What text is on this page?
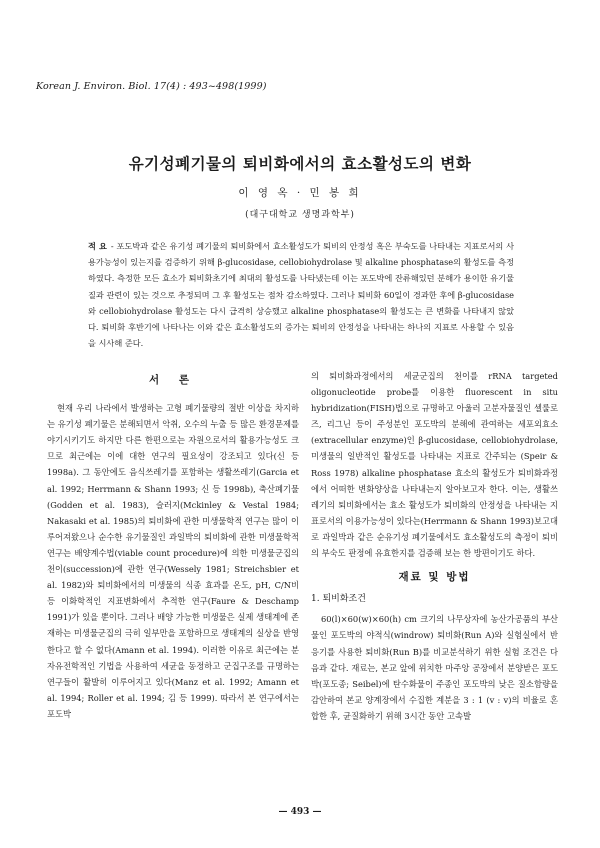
Korean J. Environ. Biol. 17(4) : 493~498(1999)
유기성폐기물의 퇴비화에서의 효소활성도의 변화
이 영 옥 · 민 봉 희
(대구대학교 생명과학부)
적 요 - 포도박과 같은 유기성 폐기물의 퇴비화에서 효소활성도가 퇴비의 안정성 혹은 부숙도를 나타내는 지표로서의 사용가능성이 있는지를 검증하기 위해 β-glucosidase, cellobiohydrolase 및 alkaline phosphatase의 활성도를 측정하였다. 측정한 모든 효소가 퇴비화초기에 최대의 활성도를 나타냈는데 이는 포도박에 잔류해있던 분해가 용이한 유기물질과 관련이 있는 것으로 추정되며 그 후 활성도는 점차 감소하였다. 그러나 퇴비화 60일이 경과한 후에 β-glucosidase와 cellobiohydrolase 활성도는 다시 급격히 상승했고 alkaline phosphatase의 활성도는 큰 변화를 나타내지 않았다. 퇴비화 후반기에 나타나는 이와 같은 효소활성도의 증가는 퇴비의 안정성을 나타내는 하나의 지표로 사용할 수 있음을 시사해 준다.
서 론

현재 우리 나라에서 발생하는 고형 폐기물량의 절반 이상을 차지하는 유기성 폐기물은 분해되면서 악취, 오수의 누출 등 많은 환경문제를 야기시키기도 하지만 다른 한편으로는 자원으로서의 활용가능성도 크므로 최근에는 이에 대한 연구의 필요성이 강조되고 있다(신 등 1998a). 그 동안에도 음식쓰레기를 포함하는 생활쓰레기(Garcia et al. 1992; Herrmann & Shann 1993; 신 등 1998b), 축산폐기물(Godden et al. 1983), 슬러지(Mckinley & Vestal 1984; Nakasaki et al. 1985)의 퇴비화에 관한 미생물학적 연구는 많이 이루어져왔으나 순수한 유기물질인 과일박의 퇴비화에 관한 미생물학적 연구는 배양계수법(viable count procedure)에 의한 미생물군집의 천이(succession)에 관한 연구(Wessely 1981; Streichsbier et al. 1982)와 퇴비화에서의 미생물의 식종 효과를 온도, pH, C/N비 등 이화학적인 지표변화에서 추적한 연구(Faure & Deschamp 1991)가 있을 뿐이다. 그러나 배양 가능한 미생물은 실제 생태계에 존재하는 미생물군집의 극히 일부만을 포함하므로 생태계의 실상을 반영한다고 할 수 없다(Amann et al. 1994). 이러한 이유로 최근에는 분자유전학적인 기법을 사용하여 세균을 동정하고 군집구조를 규명하는 연구들이 활발히 이루어지고 있다(Manz et al. 1992; Amann et al. 1994; Roller et al. 1994; 김 등 1999). 따라서 본 연구에서는 포도박

의 퇴비화과정에서의 세균군집의 천이를 rRNA targeted oligonucleotide probe를 이용한 fluorescent in situ hybridization(FISH)법으로 규명하고 아울러 고분자물질인 셀룰로즈, 리그닌 등이 주성분인 포도박의 분해에 관여하는 세포외효소(extracellular enzyme)인 β-glucosidase, cellobiohydrolase, 미생물의 일반적인 활성도를 나타내는 지표로 간주되는 (Speir & Ross 1978) alkaline phosphatase 효소의 활성도가 퇴비화과정에서 어떠한 변화양상을 나타내는지 알아보고자 한다. 이는, 생활쓰레기의 퇴비화에서는 효소 활성도가 퇴비화의 안정성을 나타내는 지표로서의 이용가능성이 있다는(Herrmann & Shann 1993)보고대로 과일박과 같은 순유기성 폐기물에서도 효소활성도의 측정이 퇴비의 부숙도 판정에 유효한지를 검증해 보는 한 방편이기도 하다.

재료 및 방법
1. 퇴비화조건

60(l)×60(w)×60(h) cm 크기의 나무상자에 농산가공품의 부산물인 포도박의 야적식(windrow) 퇴비화(Run A)와 실험실에서 반응기를 사용한 퇴비화(Run B)를 비교분석하기 위한 실험 조건은 다음과 같다. 재료는, 본교 앞에 위치한 마주앙 공장에서 분양받은 포도박(포도종; Seibel)에 탄수화물이 주종인 포도박의 낮은 질소함량을 감안하여 본교 양계장에서 수집한 계분을 3 : 1 (v : v)의 비율로 혼합한 후, 균질화하기 위해 3시간 동안 고속발

— 493 —
